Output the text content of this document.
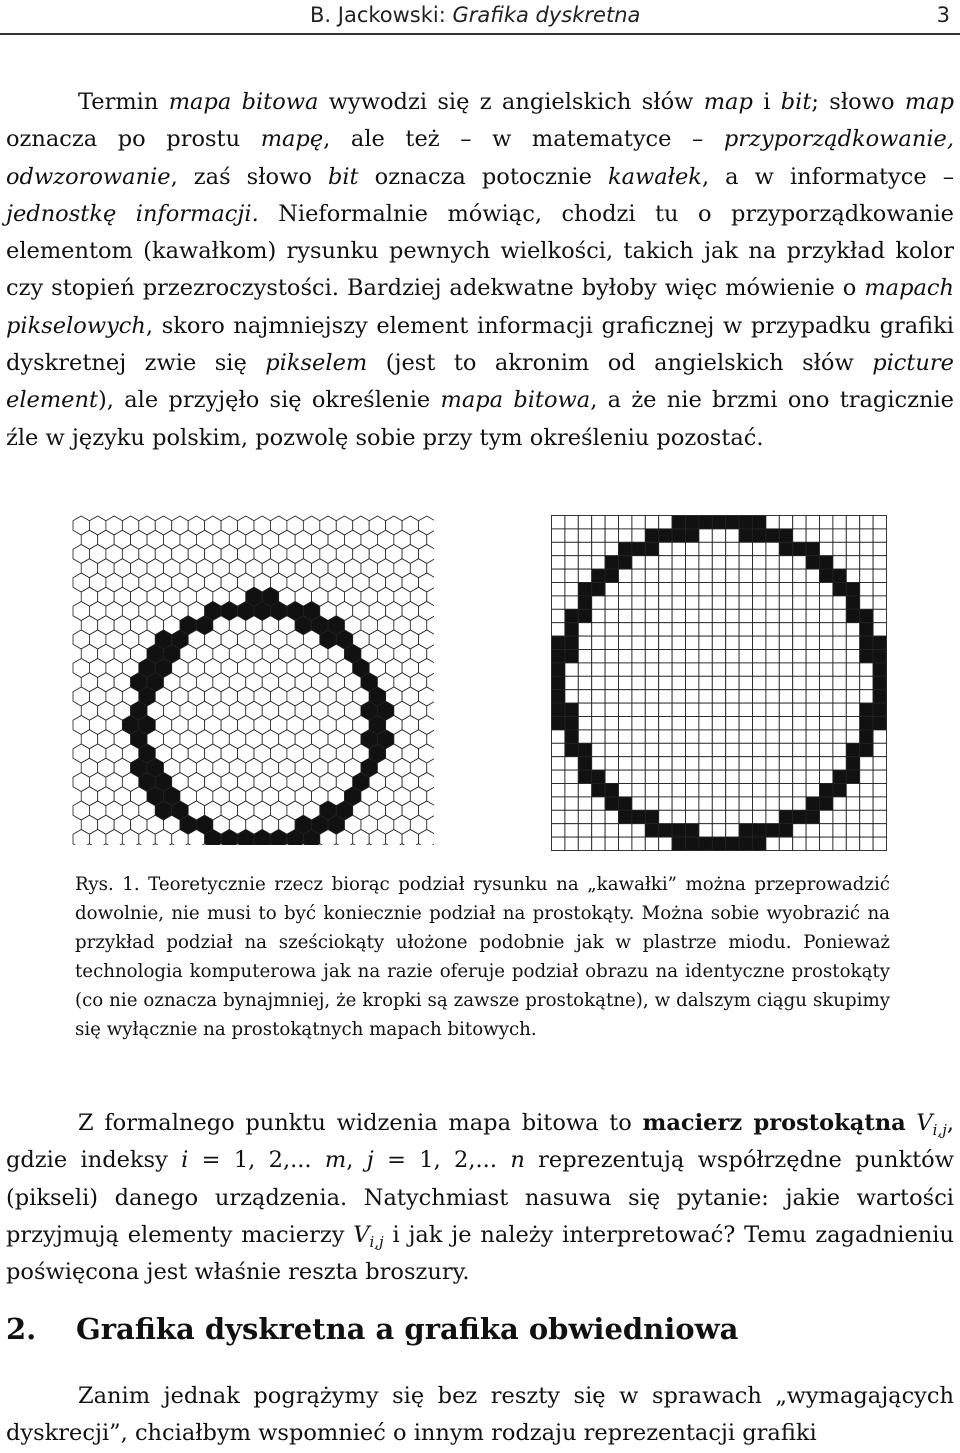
B. Jackowski: Grafika dyskretna	3
Termin mapa bitowa wywodzi się z angielskich słów map i bit; słowo map oznacza po prostu mapę, ale też – w matematyce – przyporządkowanie, odwzorowanie, zaś słowo bit oznacza potocznie kawałek, a w informatyce – jednostkę informacji. Nieformalnie mówiąc, chodzi tu o przyporządkowanie elementom (kawałkom) rysunku pewnych wielkości, takich jak na przykład kolor czy stopień przezroczystości. Bardziej adekwatne byłoby więc mówienie o mapach pikselowych, skoro najmniejszy element informacji graficznej w przypadku grafiki dyskretnej zwie się pikselem (jest to akronim od angielskich słów picture element), ale przyjęło się określenie mapa bitowa, a że nie brzmi ono tragicznie źle w języku polskim, pozwolę sobie przy tym określeniu pozostać.
Rys. 1. Teoretycznie rzecz biorąc podział rysunku na „kawałki” można przeprowadzić dowolnie, nie musi to być koniecznie podział na prostokąty. Można sobie wyobrazić na przykład podział na sześciokąty ułożone podobnie jak w plastrze miodu. Ponieważ technologia komputerowa jak na razie oferuje podział obrazu na identyczne prostokąty (co nie oznacza bynajmniej, że kropki są zawsze prostokątne), w dalszym ciągu skupimy się wyłącznie na prostokątnych mapach bitowych.
Z formalnego punktu widzenia mapa bitowa to macierz prostokątna $V_{i,j}$, gdzie indeksy i = 1, 2,... m, j = 1, 2,... n reprezentują współrzędne punktów (pikseli) danego urządzenia. Natychmiast nasuwa się pytanie: jakie wartości przyjmują elementy macierzy $V_{i,j}$ i jak je należy interpretować? Temu zagadnieniu poświęcona jest właśnie reszta broszury.
2. Grafika dyskretna a grafika obwiedniowa
Zanim jednak pogrążymy się bez reszty się w sprawach „wymagających dyskrecji”, chciałbym wspomnieć o innym rodzaju reprezentacji grafiki
